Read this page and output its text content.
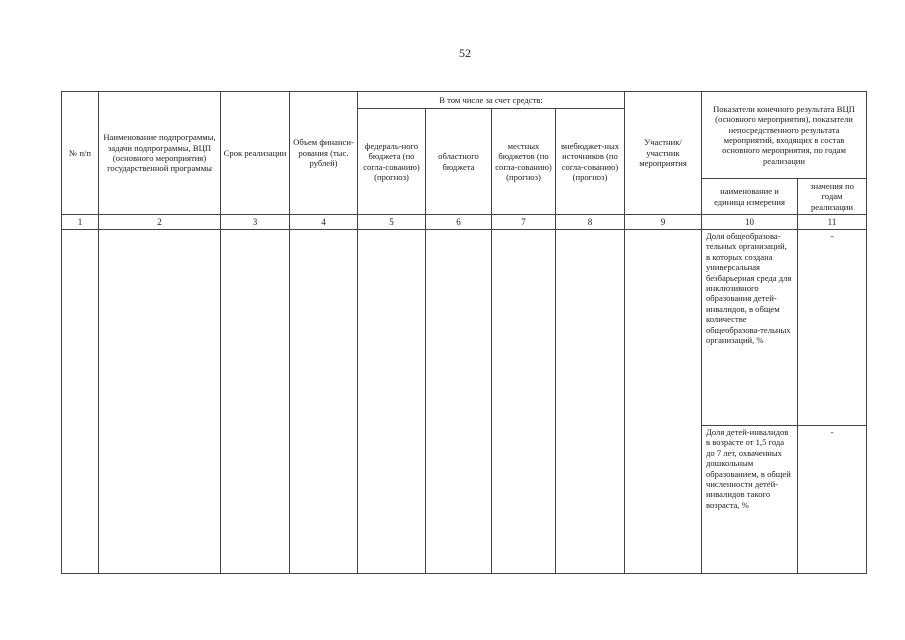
52
№ п/п	Наименование подпрограммы, задачи подпрограммы, ВЦП (основного мероприятия) государственной программы	Срок реализации	Объем финанси-рования (тыс. рублей)	В том числе за счет средств:				Участник/ участник мероприятия	Показатели конечного результата ВЦП (основного мероприятия), показатели непосредственного результата мероприятий, входящих в состав основного мероприятия, по годам реализации	
				федераль-ного бюджета (по согла-сованию) (прогноз)	областного бюджета	местных бюджетов (по согла-сованию) (прогноз)	внебюджет-ных источников (по согла-сованию) (прогноз)			
									наименование и единица измерения	значения по годам реализации
1	2	3	4	5	6	7	8	9	10	11
									Доля общеобразова-тельных организаций, в которых создана универсальная безбарьерная среда для инклюзивного образования детей-инвалидов, в общем количестве общеобразова-тельных организаций, %	-
									Доля детей-инвалидов в возрасте от 1,5 года до 7 лет, охваченных дошкольным образованием, в общей численности детей-инвалидов такого возраста, %	-
